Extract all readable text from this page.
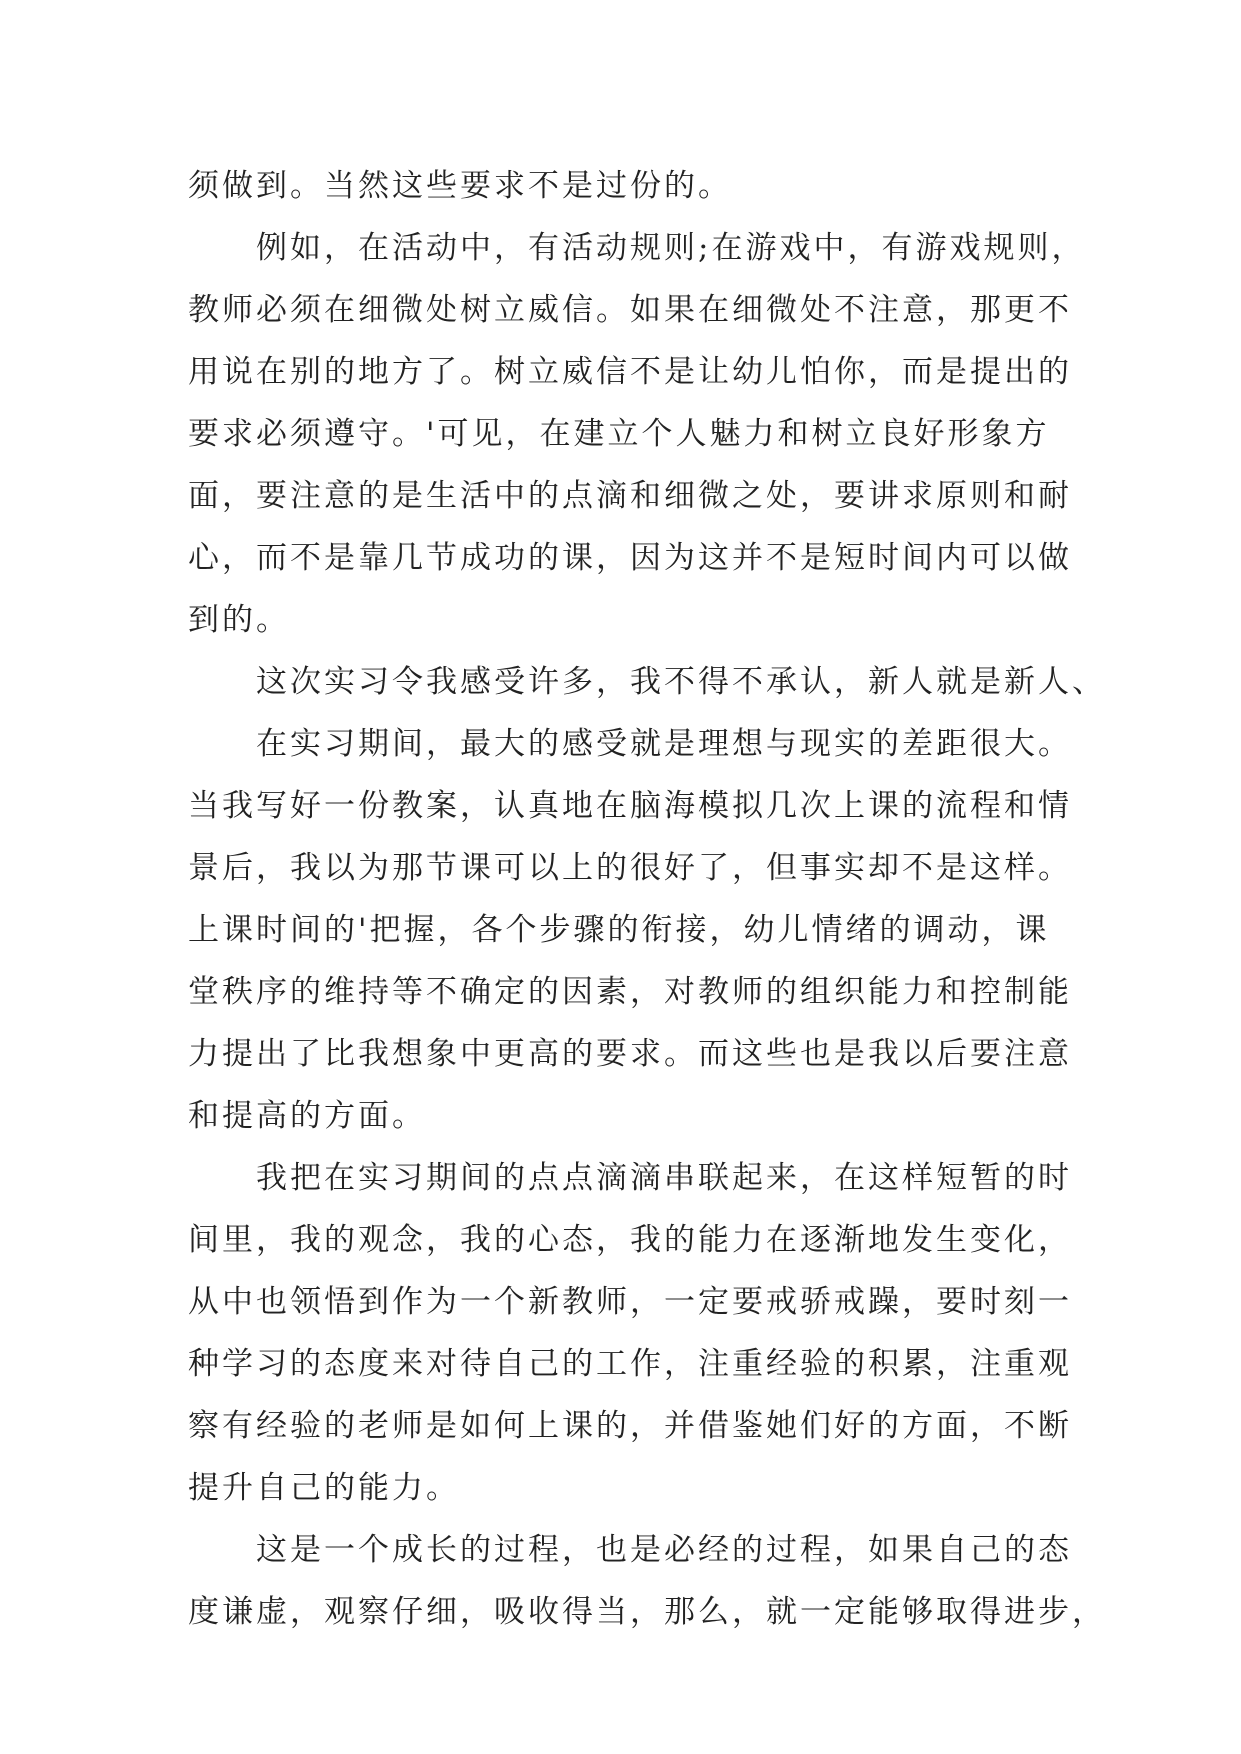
须做到。当然这些要求不是过份的。
例如，在活动中，有活动规则;在游戏中，有游戏规则，
教师必须在细微处树立威信。如果在细微处不注意，那更不
用说在别的地方了。树立威信不是让幼儿怕你，而是提出的
要求必须遵守。'可见，在建立个人魅力和树立良好形象方
面，要注意的是生活中的点滴和细微之处，要讲求原则和耐
心，而不是靠几节成功的课，因为这并不是短时间内可以做
到的。
这次实习令我感受许多，我不得不承认，新人就是新人、
在实习期间，最大的感受就是理想与现实的差距很大。
当我写好一份教案，认真地在脑海模拟几次上课的流程和情
景后，我以为那节课可以上的很好了，但事实却不是这样。
上课时间的'把握，各个步骤的衔接，幼儿情绪的调动，课
堂秩序的维持等不确定的因素，对教师的组织能力和控制能
力提出了比我想象中更高的要求。而这些也是我以后要注意
和提高的方面。
我把在实习期间的点点滴滴串联起来，在这样短暂的时
间里，我的观念，我的心态，我的能力在逐渐地发生变化，
从中也领悟到作为一个新教师，一定要戒骄戒躁，要时刻一
种学习的态度来对待自己的工作，注重经验的积累，注重观
察有经验的老师是如何上课的，并借鉴她们好的方面，不断
提升自己的能力。
这是一个成长的过程，也是必经的过程，如果自己的态
度谦虚，观察仔细，吸收得当，那么，就一定能够取得进步，
